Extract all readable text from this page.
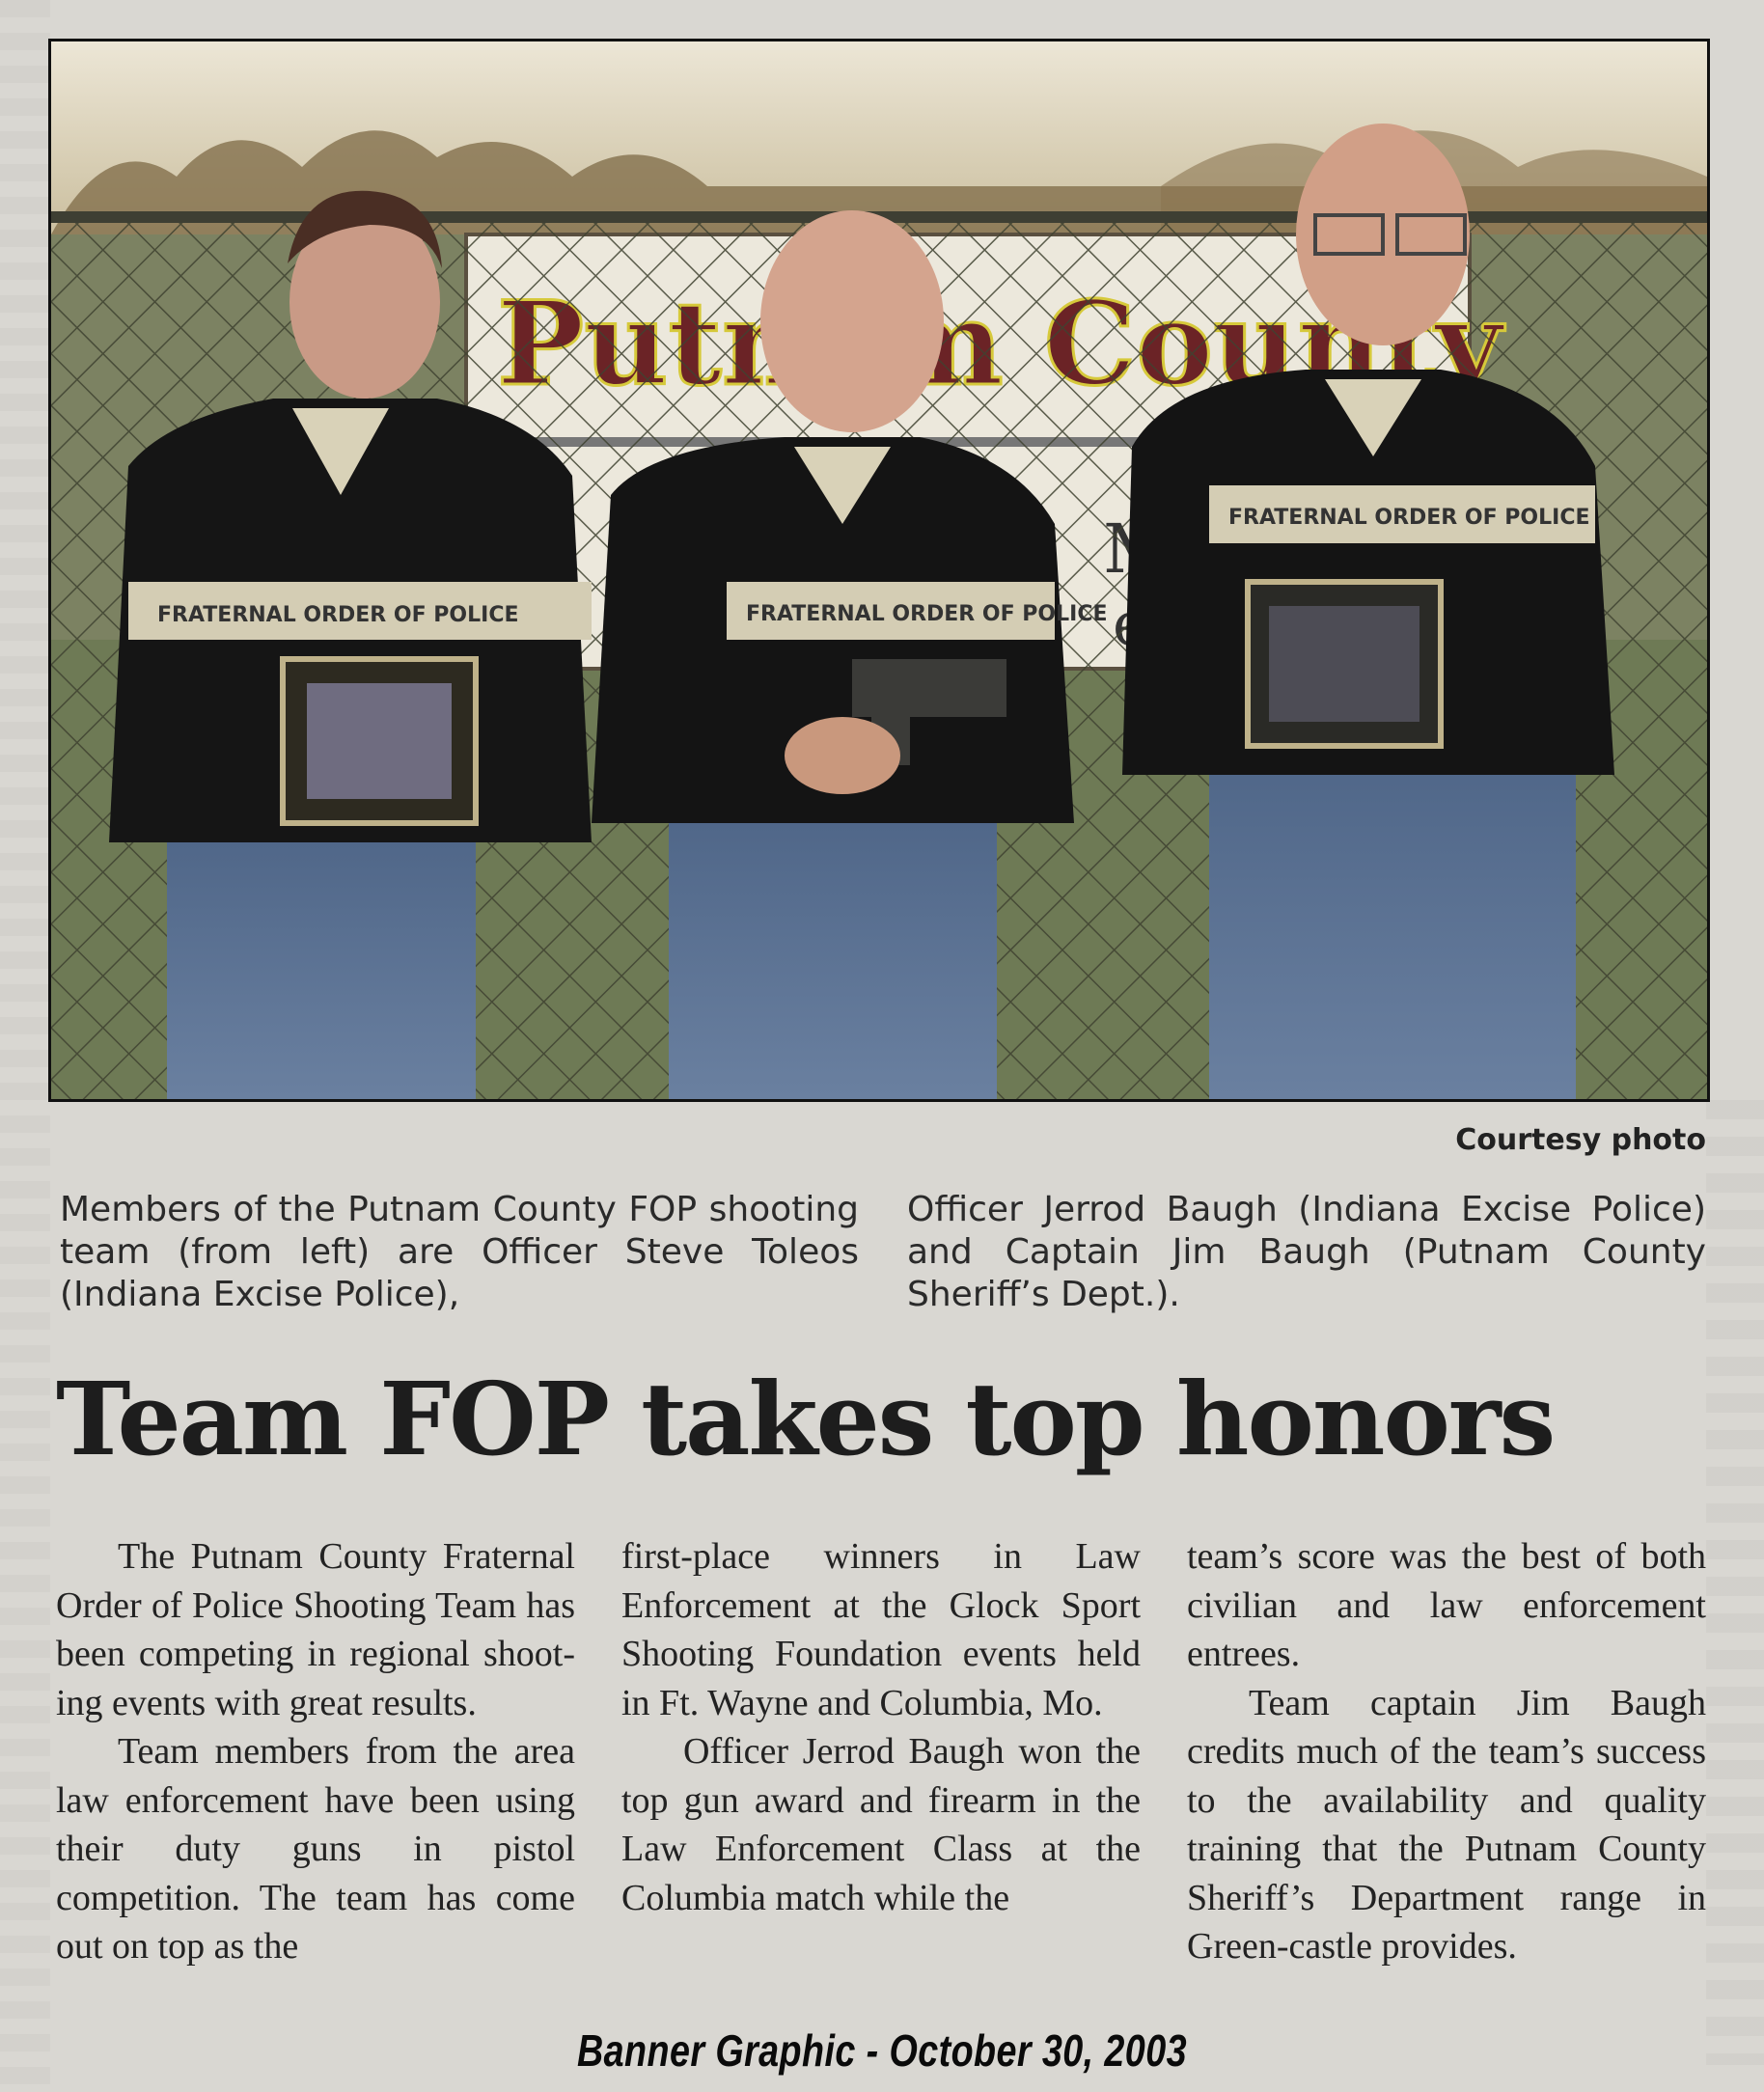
FRATERNAL ORDER OF POLICE	FRATERNAL ORDER OF POLICE
FRATERNAL ORDER OF POLICE
Courtesy photo
Members of the Putnam County FOP shooting team (from left) are Officer Steve Toleos (Indiana Excise Police),
Officer Jerrod Baugh (Indiana Excise Police) and Captain Jim Baugh (Putnam County Sheriff’s Dept.).
Team FOP takes top honors

The Putnam County Fraternal Order of Police Shooting Team has been competing in regional shoot-ing events with great results.

Team members from the area law enforcement have been using their duty guns in pistol competition. The team has come out on top as the

first-place winners in Law Enforcement at the Glock Sport Shooting Foundation events held in Ft. Wayne and Columbia, Mo.

Officer Jerrod Baugh won the top gun award and firearm in the Law Enforcement Class at the Columbia match while the

team’s score was the best of both civilian and law enforcement entrees.

Team captain Jim Baugh credits much of the team’s success to the availability and quality training that the Putnam County Sheriff’s Department range in Green-castle provides.

Banner Graphic - October 30, 2003
